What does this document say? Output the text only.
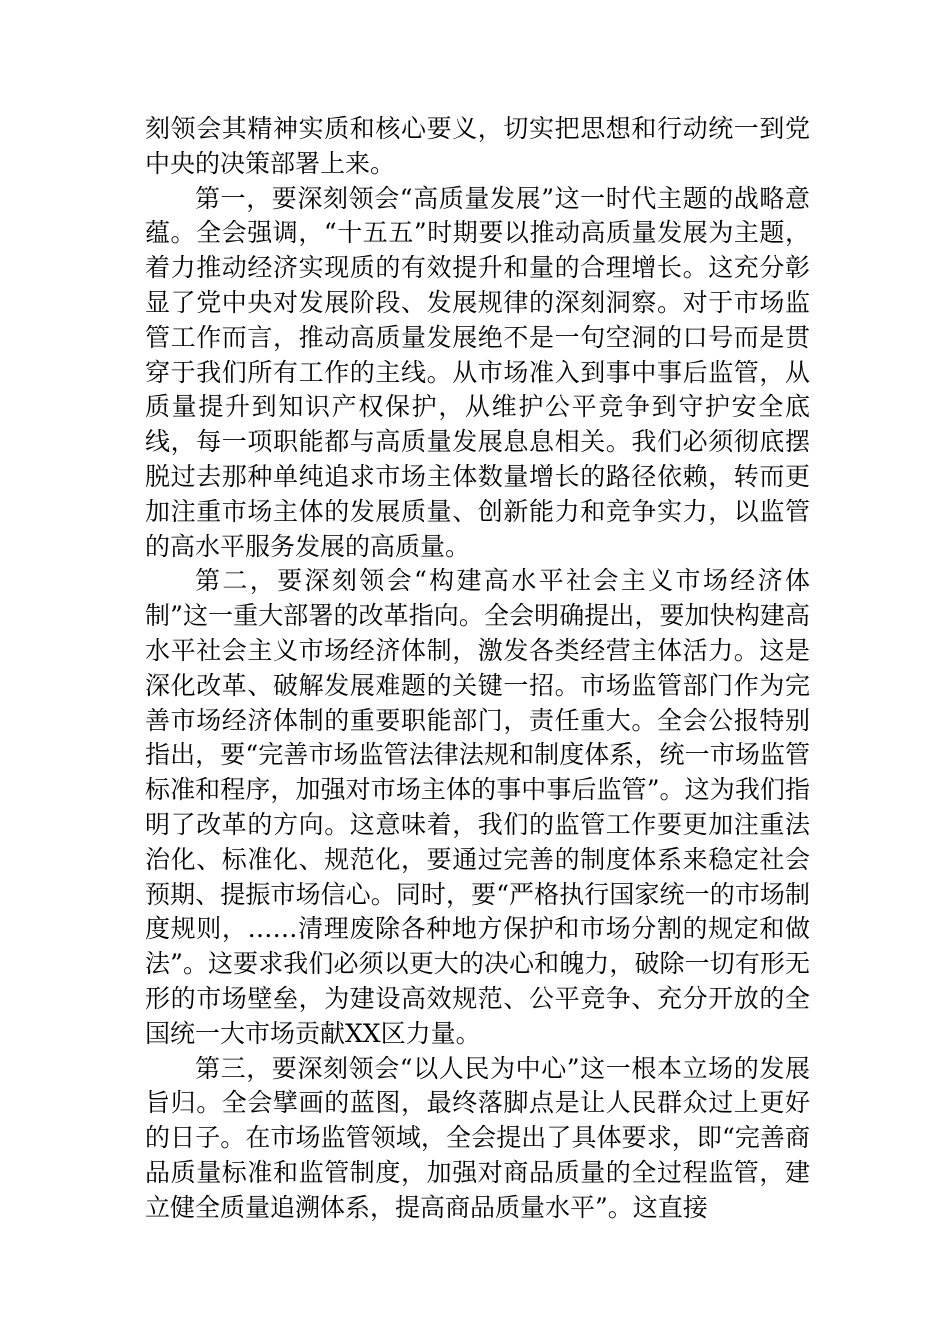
刻领会其精神实质和核心要义，切实把思想和行动统一到党中央的决策部署上来。

第一，要深刻领会“高质量发展”这一时代主题的战略意蕴。全会强调，“十五五”时期要以推动高质量发展为主题，着力推动经济实现质的有效提升和量的合理增长。这充分彰显了党中央对发展阶段、发展规律的深刻洞察。对于市场监管工作而言，推动高质量发展绝不是一句空洞的口号而是贯穿于我们所有工作的主线。从市场准入到事中事后监管，从质量提升到知识产权保护，从维护公平竞争到守护安全底线，每一项职能都与高质量发展息息相关。我们必须彻底摆脱过去那种单纯追求市场主体数量增长的路径依赖，转而更加注重市场主体的发展质量、创新能力和竞争实力，以监管的高水平服务发展的高质量。

第二，要深刻领会“构建高水平社会主义市场经济体制”这一重大部署的改革指向。全会明确提出，要加快构建高水平社会主义市场经济体制，激发各类经营主体活力。这是深化改革、破解发展难题的关键一招。市场监管部门作为完善市场经济体制的重要职能部门，责任重大。全会公报特别指出，要“完善市场监管法律法规和制度体系，统一市场监管标准和程序，加强对市场主体的事中事后监管”。这为我们指明了改革的方向。这意味着，我们的监管工作要更加注重法治化、标准化、规范化，要通过完善的制度体系来稳定社会预期、提振市场信心。同时，要“严格执行国家统一的市场制度规则，……清理废除各种地方保护和市场分割的规定和做法”。这要求我们必须以更大的决心和魄力，破除一切有形无形的市场壁垒，为建设高效规范、公平竞争、充分开放的全国统一大市场贡献XX区力量。

第三，要深刻领会“以人民为中心”这一根本立场的发展旨归。全会擘画的蓝图，最终落脚点是让人民群众过上更好的日子。在市场监管领域，全会提出了具体要求，即“完善商品质量标准和监管制度，加强对商品质量的全过程监管，建立健全质量追溯体系，提高商品质量水平”。这直接
